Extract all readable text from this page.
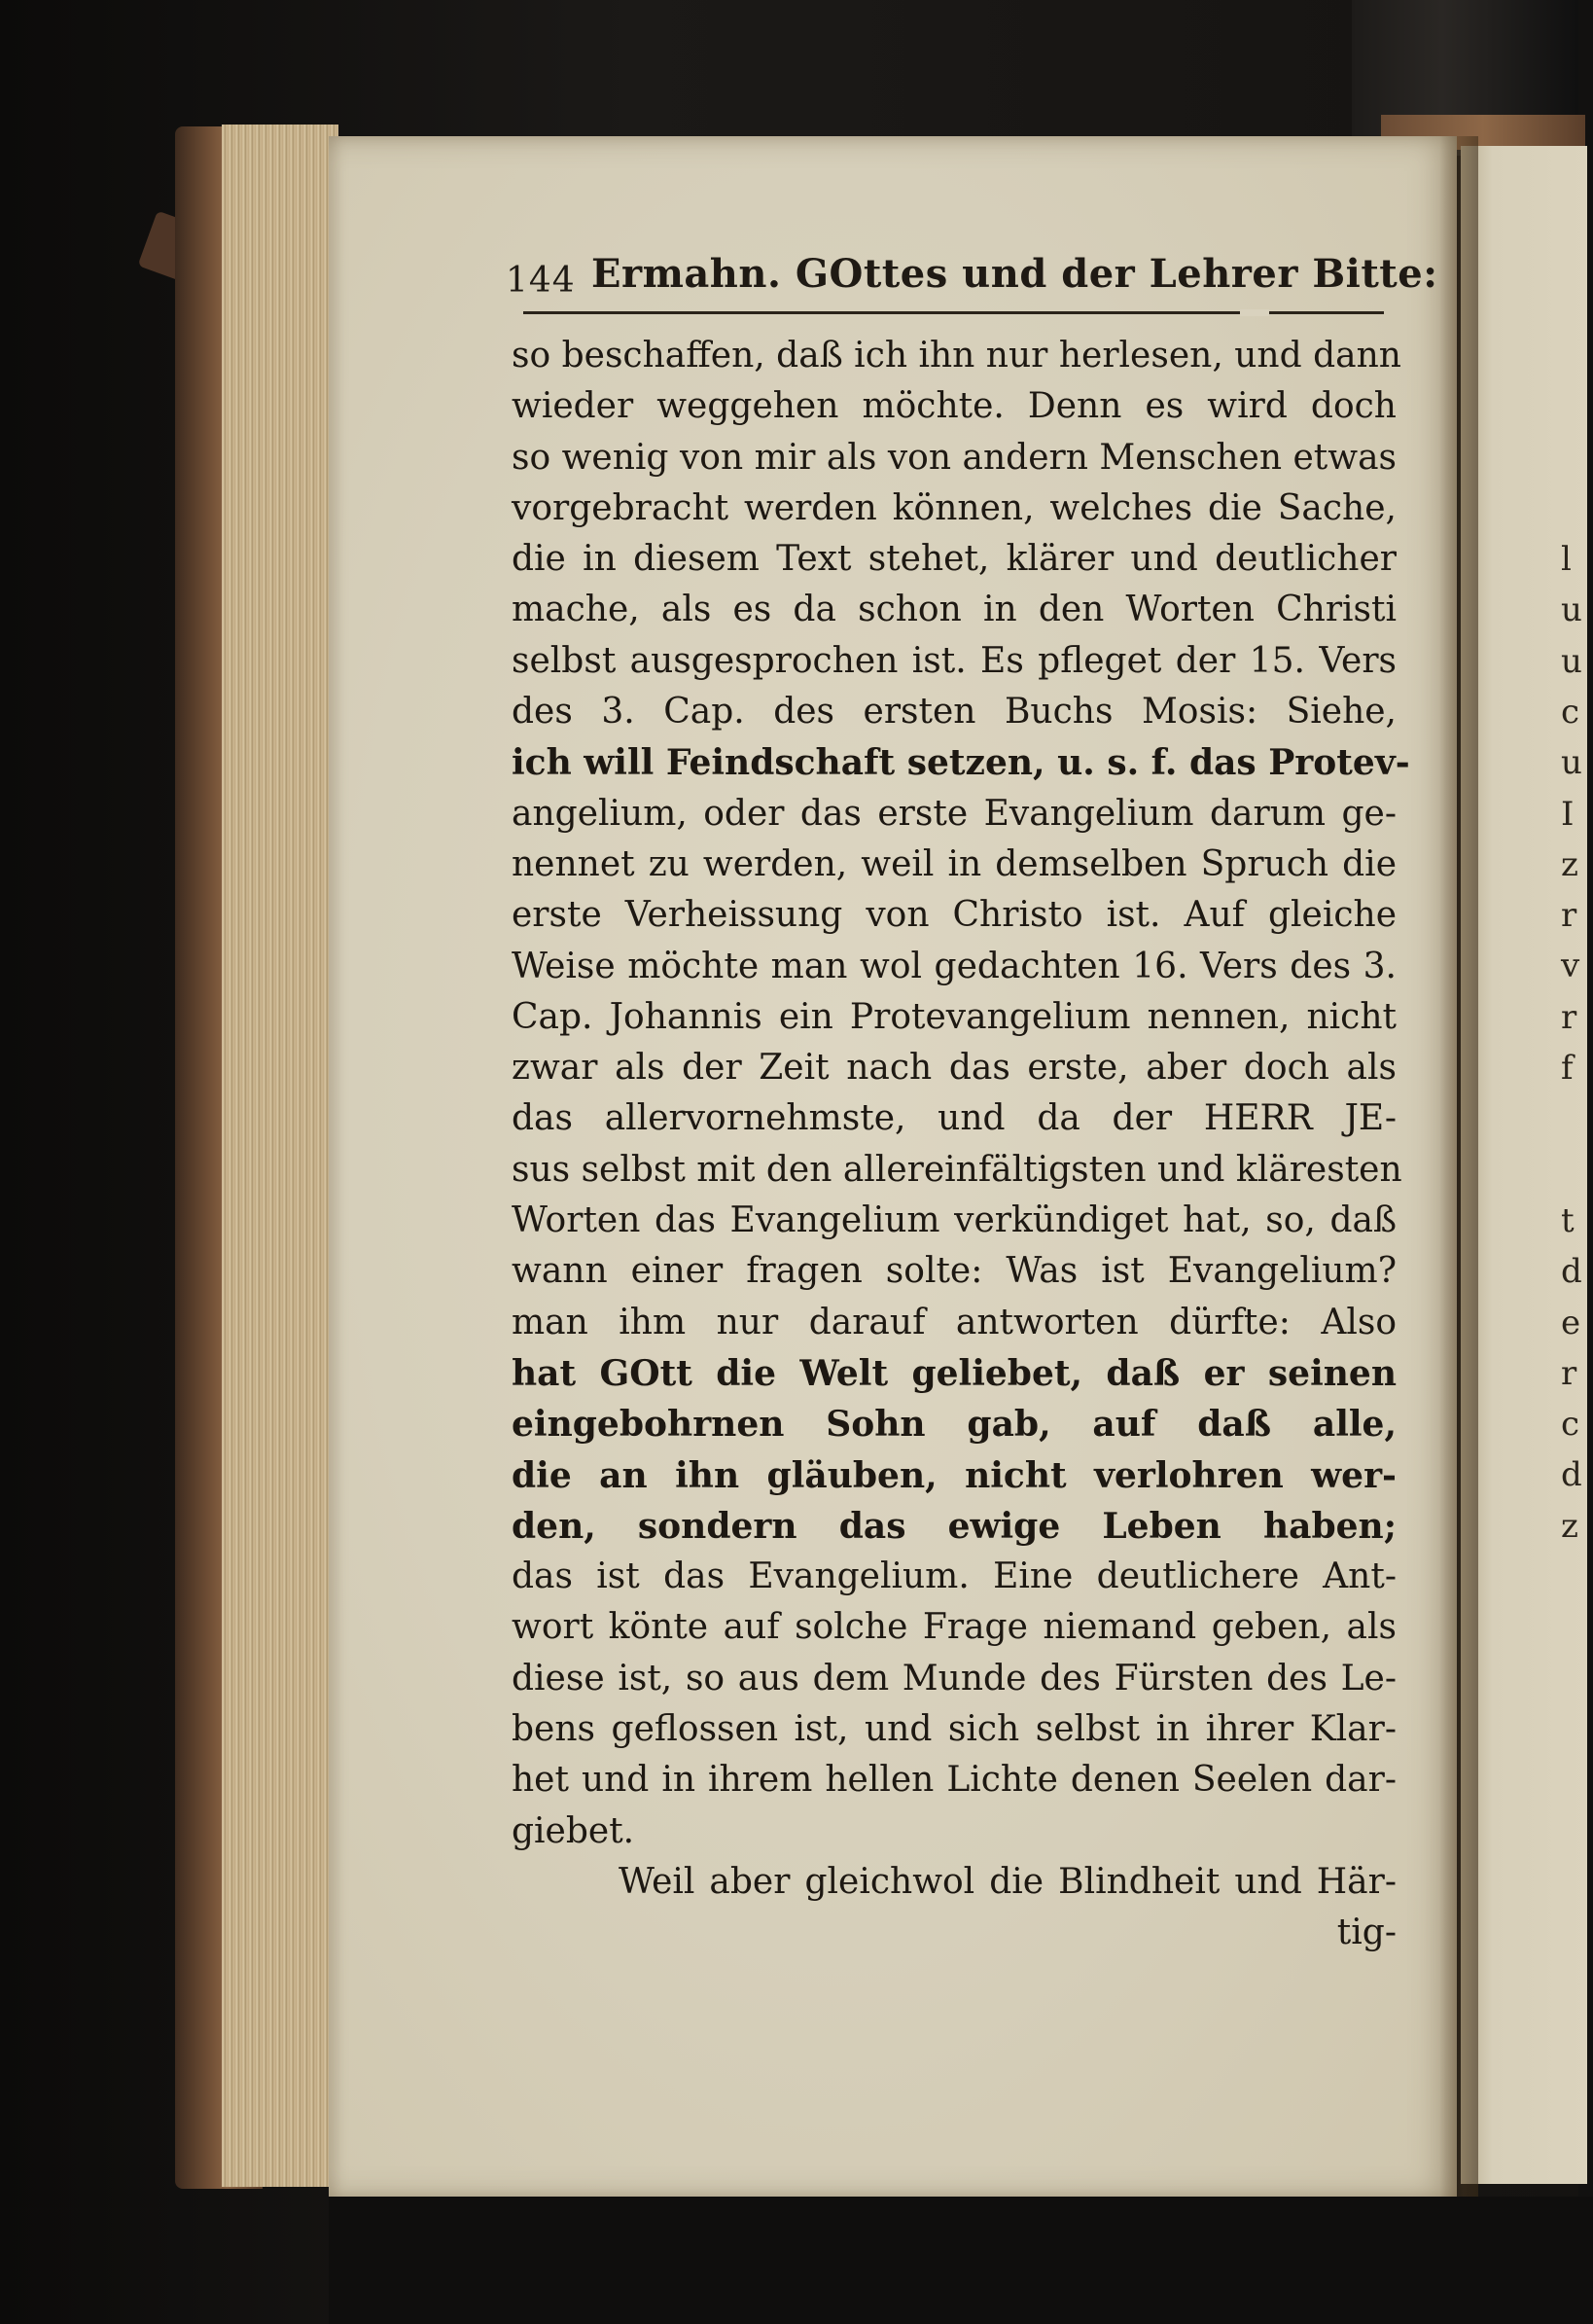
144 Ermahn. GOttes und der Lehrer Bitte:
so beschaffen, daß ich ihn nur herlesen, und dann
wieder weggehen möchte. Denn es wird doch
so wenig von mir als von andern Menschen etwas
vorgebracht werden können, welches die Sache,
die in diesem Text stehet, klärer und deutlicher
mache, als es da schon in den Worten Christi
selbst ausgesprochen ist. Es pfleget der 15. Vers
des 3. Cap. des ersten Buchs Mosis: Siehe,
ich will Feindschaft setzen, u. s. f. das Protev-
angelium, oder das erste Evangelium darum ge-
nennet zu werden, weil in demselben Spruch die
erste Verheissung von Christo ist. Auf gleiche
Weise möchte man wol gedachten 16. Vers des 3.
Cap. Johannis ein Protevangelium nennen, nicht
zwar als der Zeit nach das erste, aber doch als
das allervornehmste, und da der HERR JE-
sus selbst mit den allereinfältigsten und kläresten
Worten das Evangelium verkündiget hat, so, daß
wann einer fragen solte: Was ist Evangelium?
man ihm nur darauf antworten dürfte: Also
hat GOtt die Welt geliebet, daß er seinen
eingebohrnen Sohn gab, auf daß alle,
die an ihn gläuben, nicht verlohren wer-
den, sondern das ewige Leben haben;
das ist das Evangelium. Eine deutlichere Ant-
wort könte auf solche Frage niemand geben, als
diese ist, so aus dem Munde des Fürsten des Le-
bens geflossen ist, und sich selbst in ihrer Klar-
het und in ihrem hellen Lichte denen Seelen dar-
giebet.
Weil aber gleichwol die Blindheit und Här-
tig-
l
u
u
c
u
I
z
r
v
r
f
t
d
e
r
c
d
z
